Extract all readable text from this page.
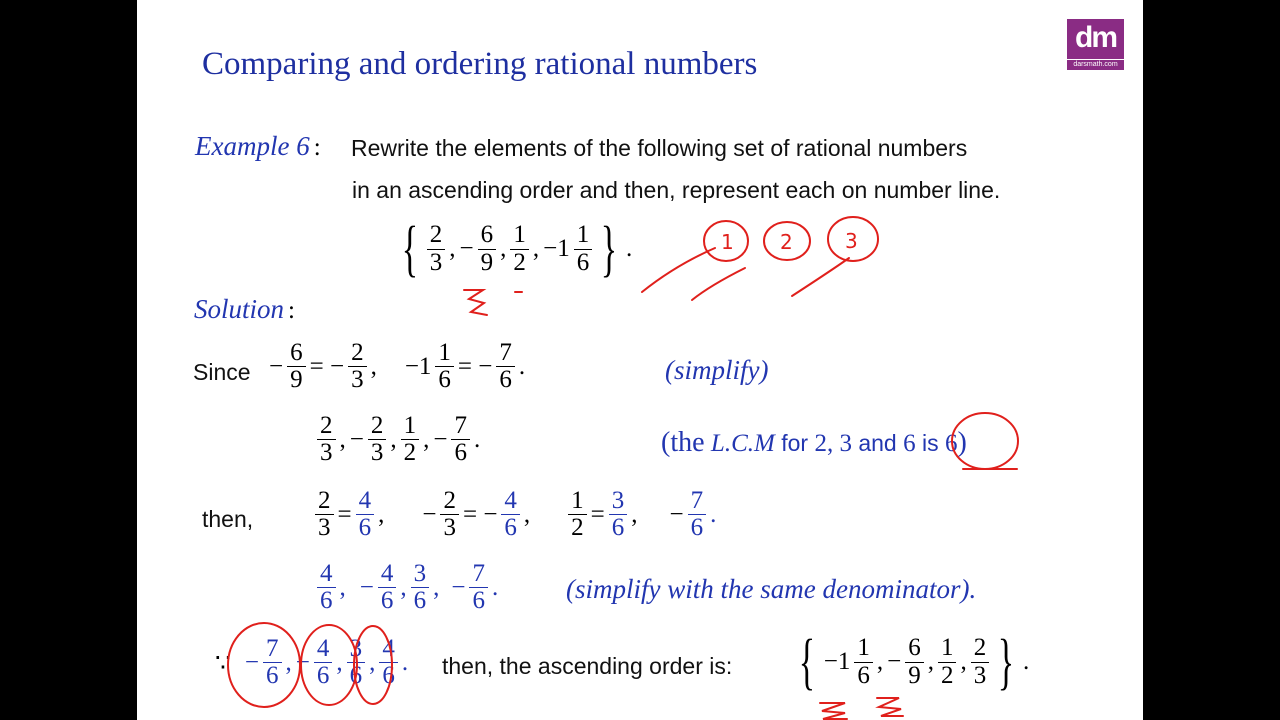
dm
darsmath.com
Comparing and ordering rational numbers
Example 6 : Rewrite the elements of the following set of rational numbers
in an ascending order and then, represent each on number line.
{ $\frac{2}{3}$ , − $\frac{6}{9}$ , $\frac{1}{2}$ , $-1 \frac{1}{6}$ } .
Solution :
Since − $\frac{6}{9}$ = − $\frac{2}{3}$ , $-1 \frac{1}{6}$ = − $\frac{7}{6}$ .	(simplify)
$\frac{2}{3}$ , − $\frac{2}{3}$ , $\frac{1}{2}$ , − $\frac{7}{6}$ .	(the L.C.M for 2, 3 and 6 is 6)
then, $\frac{2}{3} = \frac{4}{6}$ , − $\frac{2}{3}$ = − $\frac{4}{6}$ , $\frac{1}{2} = \frac{3}{6}$ , − $\frac{7}{6}$ .
$\frac{4}{6}$ , − $\frac{4}{6}$ , $\frac{3}{6}$ , − $\frac{7}{6}$ .	(simplify with the same denominator).
∵ − $\frac{7}{6}$ , − $\frac{4}{6}$ , $\frac{3}{6}$ , $\frac{4}{6}$ . then, the ascending order is: { $-1 \frac{1}{6}$ , − $\frac{6}{9}$ , $\frac{1}{2}$ , $\frac{2}{3}$ } .
1 2	3
